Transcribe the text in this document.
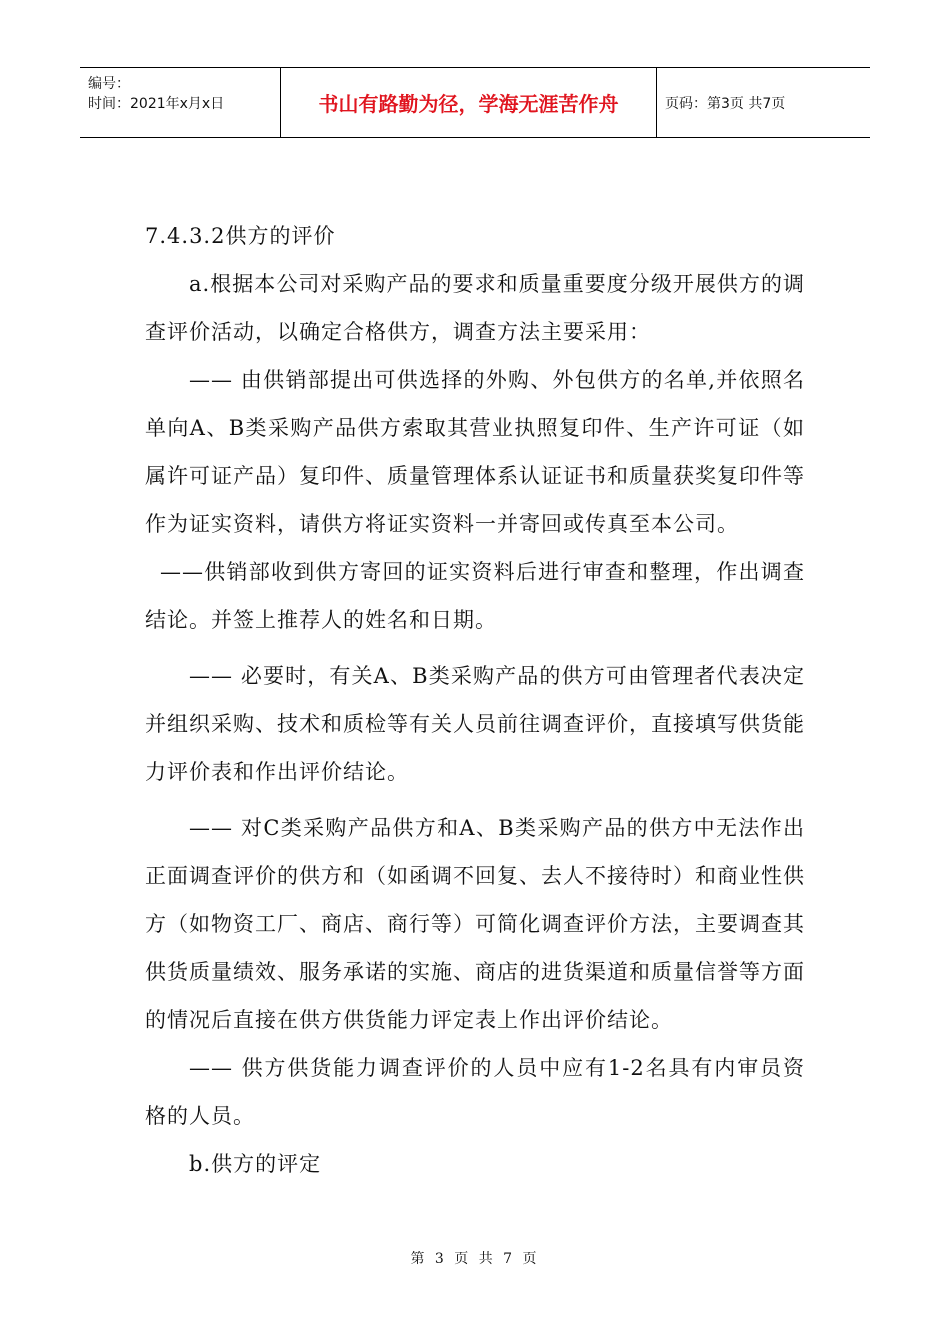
编号：
时间：2021年x月x日	书山有路勤为径，学海无涯苦作舟	页码：第3页 共7页

7.4.3.2供方的评价

a.根据本公司对采购产品的要求和质量重要度分级开展供方的调查评价活动，以确定合格供方，调查方法主要采用：

—— 由供销部提出可供选择的外购、外包供方的名单,并依照名单向A、B类采购产品供方索取其营业执照复印件、生产许可证（如属许可证产品）复印件、质量管理体系认证证书和质量获奖复印件等作为证实资料，请供方将证实资料一并寄回或传真至本公司。

——供销部收到供方寄回的证实资料后进行审查和整理，作出调查结论。并签上推荐人的姓名和日期。

—— 必要时，有关A、B类采购产品的供方可由管理者代表决定并组织采购、技术和质检等有关人员前往调查评价，直接填写供货能力评价表和作出评价结论。

—— 对C类采购产品供方和A、B类采购产品的供方中无法作出正面调查评价的供方和（如函调不回复、去人不接待时）和商业性供方（如物资工厂、商店、商行等）可简化调查评价方法，主要调查其供货质量绩效、服务承诺的实施、商店的进货渠道和质量信誉等方面的情况后直接在供方供货能力评定表上作出评价结论。

—— 供方供货能力调查评价的人员中应有1-2名具有内审员资格的人员。

b.供方的评定

第 3 页 共 7 页
